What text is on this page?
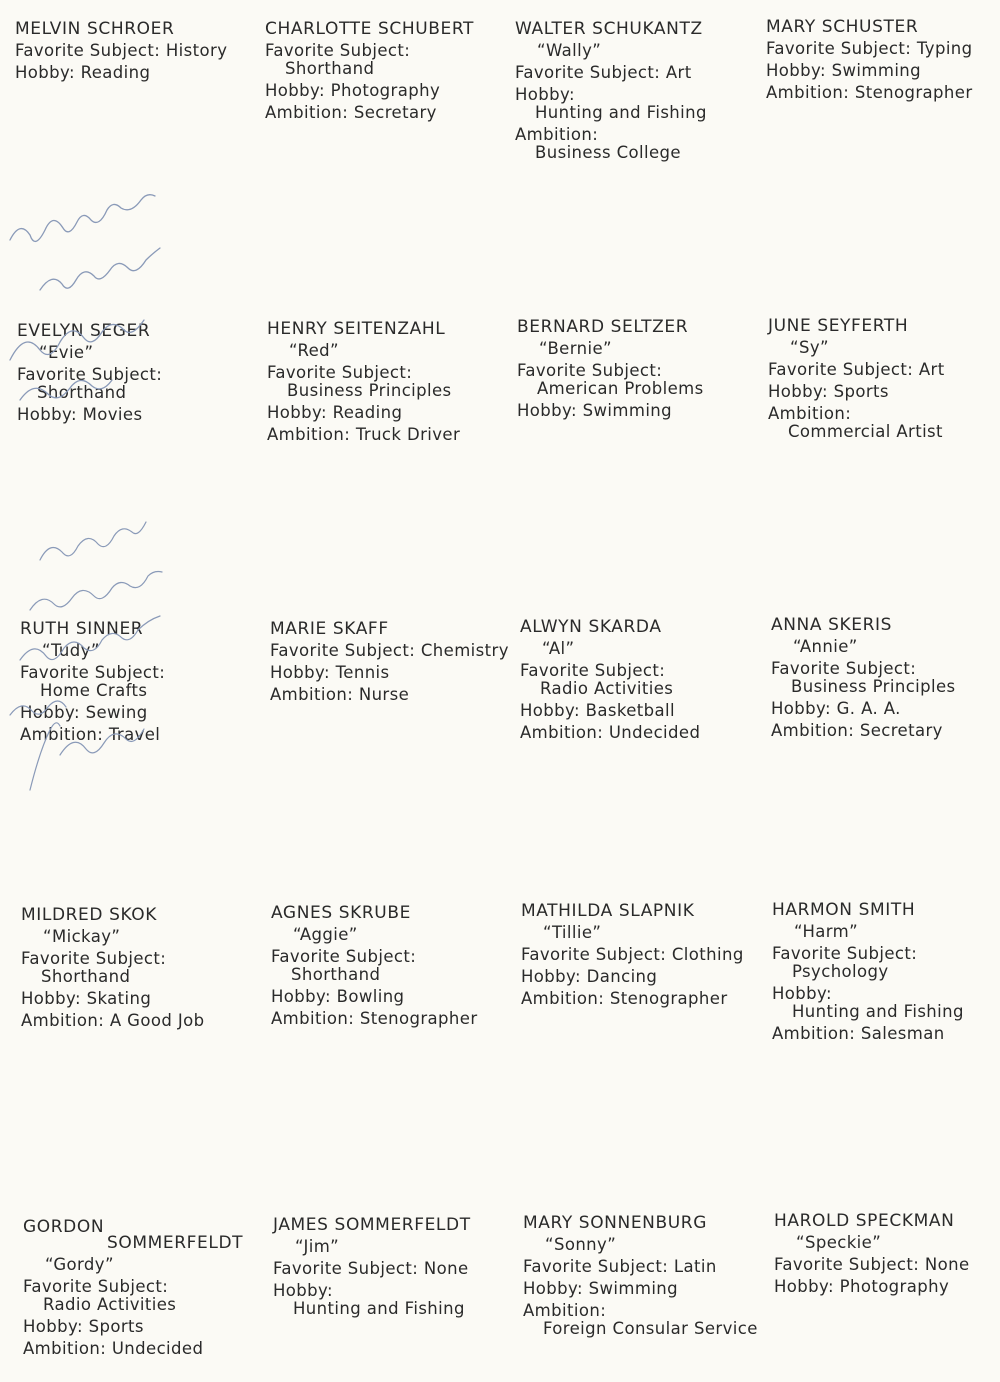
MELVIN SCHROER
Favorite Subject: History
Hobby: Reading
CHARLOTTE SCHUBERT
Favorite Subject:
Shorthand
Hobby: Photography
Ambition: Secretary
WALTER SCHUKANTZ
“Wally”
Favorite Subject: Art
Hobby:
Hunting and Fishing
Ambition:
Business College
MARY SCHUSTER
Favorite Subject: Typing
Hobby: Swimming
Ambition: Stenographer
EVELYN SEGER
“Evie”
Favorite Subject:
Shorthand
Hobby: Movies
HENRY SEITENZAHL
“Red”
Favorite Subject:
Business Principles
Hobby: Reading
Ambition: Truck Driver
BERNARD SELTZER
“Bernie”
Favorite Subject:
American Problems
Hobby: Swimming
JUNE SEYFERTH
“Sy”
Favorite Subject: Art
Hobby: Sports
Ambition:
Commercial Artist
RUTH SINNER
“Tudy”
Favorite Subject:
Home Crafts
Hobby: Sewing
Ambition: Travel
MARIE SKAFF
Favorite Subject: Chemistry
Hobby: Tennis
Ambition: Nurse
ALWYN SKARDA
“Al”
Favorite Subject:
Radio Activities
Hobby: Basketball
Ambition: Undecided
ANNA SKERIS
“Annie”
Favorite Subject:
Business Principles
Hobby: G. A. A.
Ambition: Secretary
MILDRED SKOK
“Mickay”
Favorite Subject:
Shorthand
Hobby: Skating
Ambition: A Good Job
AGNES SKRUBE
“Aggie”
Favorite Subject:
Shorthand
Hobby: Bowling
Ambition: Stenographer
MATHILDA SLAPNIK
“Tillie”
Favorite Subject: Clothing
Hobby: Dancing
Ambition: Stenographer
HARMON SMITH
“Harm”
Favorite Subject:
Psychology
Hobby:
Hunting and Fishing
Ambition: Salesman
GORDON
SOMMERFELDT
“Gordy”
Favorite Subject:
Radio Activities
Hobby: Sports
Ambition: Undecided
JAMES SOMMERFELDT
“Jim”
Favorite Subject: None
Hobby:
Hunting and Fishing
MARY SONNENBURG
“Sonny”
Favorite Subject: Latin
Hobby: Swimming
Ambition:
Foreign Consular Service
HAROLD SPECKMAN
“Speckie”
Favorite Subject: None
Hobby: Photography
